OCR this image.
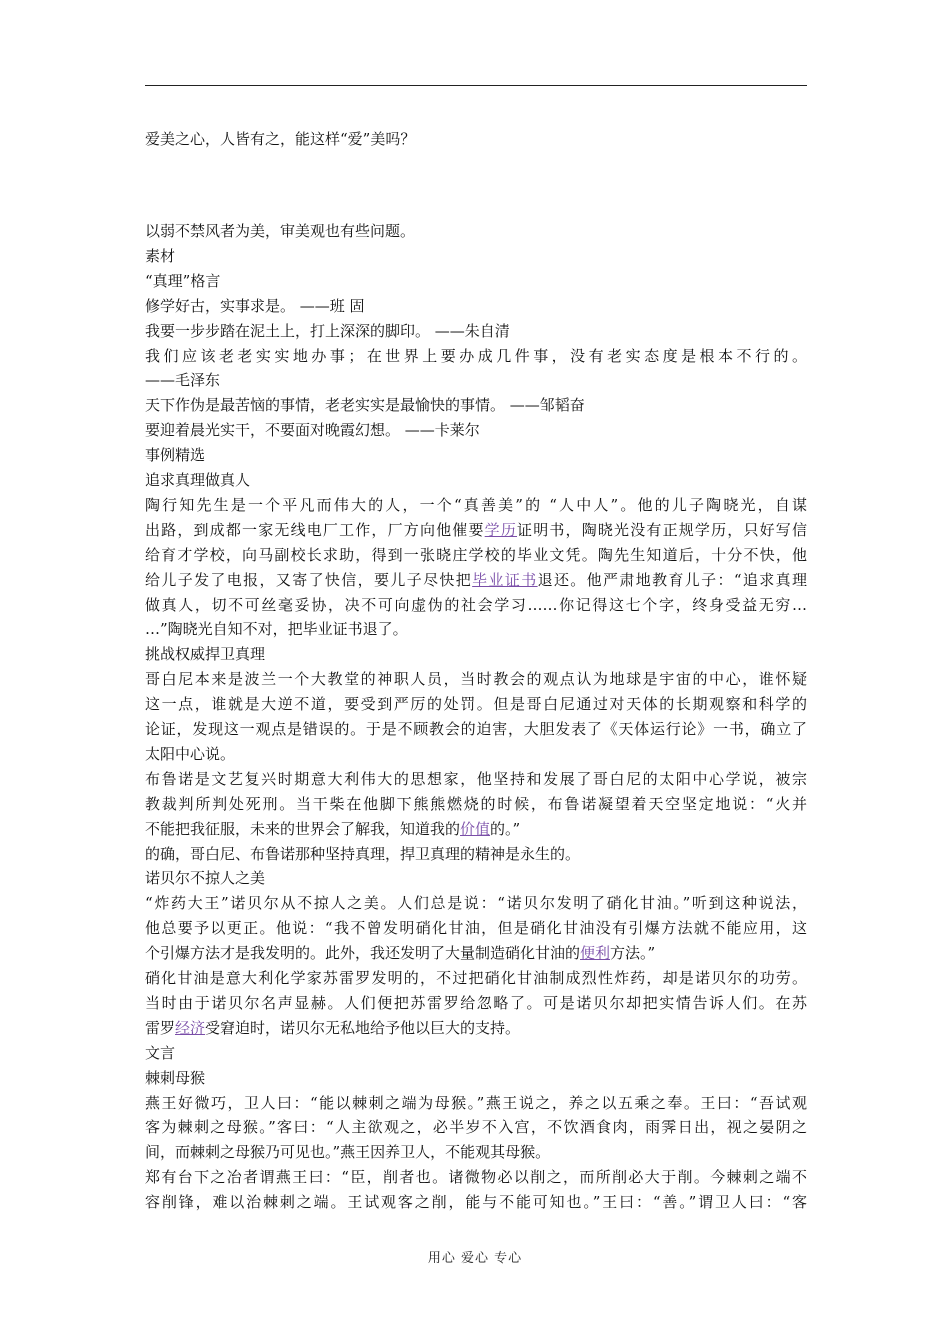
爱美之心，人皆有之，能这样“爱”美吗？
以弱不禁风者为美，审美观也有些问题。
素材
“真理”格言
修学好古，实事求是。 ——班 固
我要一步步踏在泥土上，打上深深的脚印。 ——朱自清
我们应该老老实实地办事；在世界上要办成几件事，没有老实态度是根本不行的。
——毛泽东
天下作伪是最苦恼的事情，老老实实是最愉快的事情。 ——邹韬奋
要迎着晨光实干，不要面对晚霞幻想。 ——卡莱尔
事例精选
追求真理做真人
陶行知先生是一个平凡而伟大的人，一个“真善美”的 “人中人”。他的儿子陶晓光，自谋
出路，到成都一家无线电厂工作，厂方向他催要学历证明书，陶晓光没有正规学历，只好写信
给育才学校，向马副校长求助，得到一张晓庄学校的毕业文凭。陶先生知道后，十分不快，他
给儿子发了电报，又寄了快信，要儿子尽快把毕业证书退还。他严肃地教育儿子：“追求真理
做真人，切不可丝毫妥协，决不可向虚伪的社会学习……你记得这七个字，终身受益无穷…
…”陶晓光自知不对，把毕业证书退了。
挑战权威捍卫真理
哥白尼本来是波兰一个大教堂的神职人员，当时教会的观点认为地球是宇宙的中心，谁怀疑
这一点，谁就是大逆不道，要受到严厉的处罚。但是哥白尼通过对天体的长期观察和科学的
论证，发现这一观点是错误的。于是不顾教会的迫害，大胆发表了《天体运行论》一书，确立了
太阳中心说。
布鲁诺是文艺复兴时期意大利伟大的思想家，他坚持和发展了哥白尼的太阳中心学说，被宗
教裁判所判处死刑。当干柴在他脚下熊熊燃烧的时候，布鲁诺凝望着天空坚定地说：“火并
不能把我征服，未来的世界会了解我，知道我的价值的。”
的确，哥白尼、布鲁诺那种坚持真理，捍卫真理的精神是永生的。
诺贝尔不掠人之美
“炸药大王”诺贝尔从不掠人之美。人们总是说：“诺贝尔发明了硝化甘油。”听到这种说法，
他总要予以更正。他说：“我不曾发明硝化甘油，但是硝化甘油没有引爆方法就不能应用，这
个引爆方法才是我发明的。此外，我还发明了大量制造硝化甘油的便利方法。”
硝化甘油是意大利化学家苏雷罗发明的，不过把硝化甘油制成烈性炸药，却是诺贝尔的功劳。
当时由于诺贝尔名声显赫。人们便把苏雷罗给忽略了。可是诺贝尔却把实情告诉人们。在苏
雷罗经济受窘迫时，诺贝尔无私地给予他以巨大的支持。
文言
棘刺母猴
燕王好微巧，卫人曰：“能以棘刺之端为母猴。”燕王说之，养之以五乘之奉。王曰：“吾试观
客为棘刺之母猴。”客曰：“人主欲观之，必半岁不入宫，不饮酒食肉，雨霁日出，视之晏阴之
间，而棘刺之母猴乃可见也。”燕王因养卫人，不能观其母猴。
郑有台下之冶者谓燕王曰：“臣，削者也。诸微物必以削之，而所削必大于削。今棘刺之端不
容削锋，难以治棘刺之端。王试观客之削，能与不能可知也。”王曰：“善。”谓卫人曰：“客
用心 爱心 专心
